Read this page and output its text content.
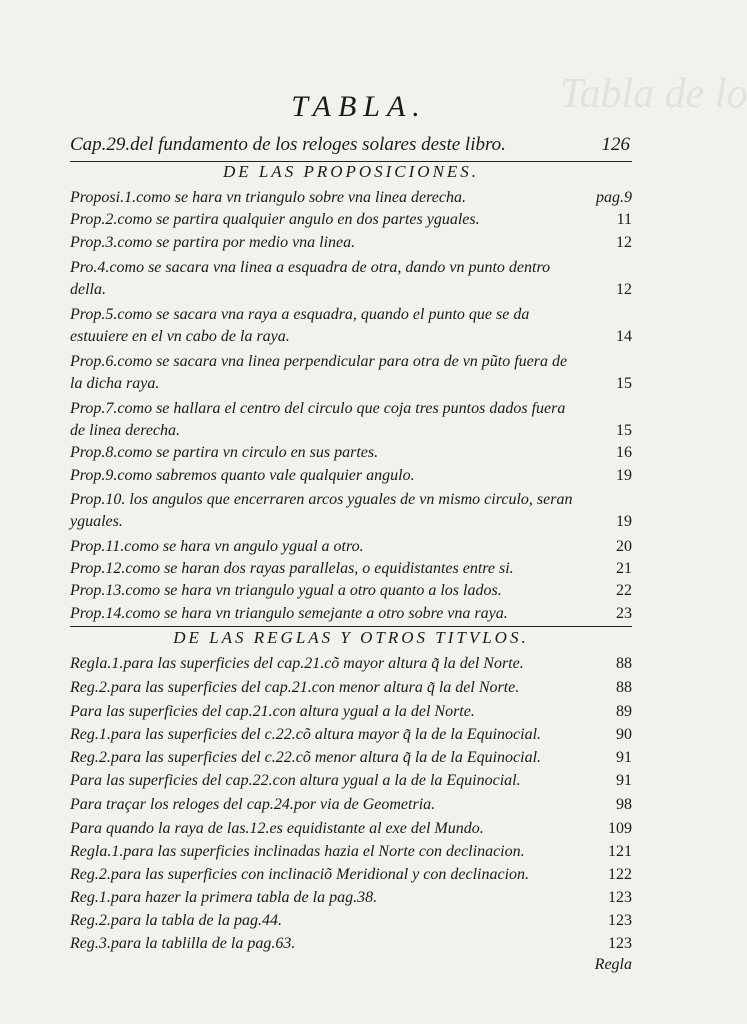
Tabla de lo
TABLA.
Cap.29.del fundamento de los reloges solares deste libro.	126
DE LAS PROPOSICIONES.
Proposi.1.como se hara vn triangulo sobre vna linea derecha.	pag.9
Prop.2.como se partira qualquier angulo en dos partes yguales.	11
Prop.3.como se partira por medio vna linea.	12
Pro.4.como se sacara vna linea a esquadra de otra, dando vn punto dentro della.	12
Prop.5.como se sacara vna raya a esquadra, quando el punto que se da estuuiere en el vn cabo de la raya.	14
Prop.6.como se sacara vna linea perpendicular para otra de vn pũto fuera de la dicha raya.	15
Prop.7.como se hallara el centro del circulo que coja tres puntos dados fuera de linea derecha.	15
Prop.8.como se partira vn circulo en sus partes.	16
Prop.9.como sabremos quanto vale qualquier angulo.	19
Prop.10. los angulos que encerraren arcos yguales de vn mismo circulo, seran yguales.	19
Prop.11.como se hara vn angulo ygual a otro.	20
Prop.12.como se haran dos rayas parallelas, o equidistantes entre si.	21
Prop.13.como se hara vn triangulo ygual a otro quanto a los lados.	22
Prop.14.como se hara vn triangulo semejante a otro sobre vna raya.	23
DE LAS REGLAS Y OTROS TITVLOS.
Regla.1.para las superficies del cap.21.cõ mayor altura q̃ la del Norte.	88
Reg.2.para las superficies del cap.21.con menor altura q̃ la del Norte.	88
Para las superficies del cap.21.con altura ygual a la del Norte.	89
Reg.1.para las superficies del c.22.cõ altura mayor q̃ la de la Equinocial.	90
Reg.2.para las superficies del c.22.cõ menor altura q̃ la de la Equinocial.	91
Para las superficies del cap.22.con altura ygual a la de la Equinocial.	91
Para traçar los reloges del cap.24.por via de Geometria.	98
Para quando la raya de las.12.es equidistante al exe del Mundo.	109
Regla.1.para las superficies inclinadas hazia el Norte con declinacion.	121
Reg.2.para las superficies con inclinaciõ Meridional y con declinacion.	122
Reg.1.para hazer la primera tabla de la pag.38.	123
Reg.2.para la tabla de la pag.44.	123
Reg.3.para la tablilla de la pag.63.	123
Regla
